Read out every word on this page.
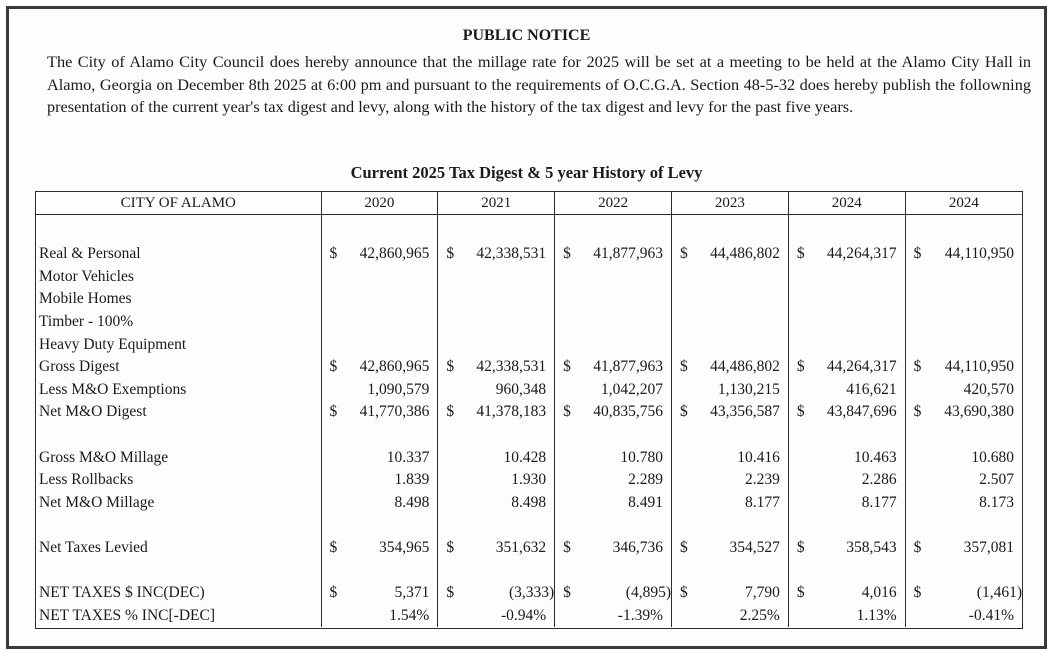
PUBLIC NOTICE
The City of Alamo City Council does hereby announce that the millage rate for 2025 will be set at a meeting to be held at the Alamo City Hall in Alamo, Georgia on December 8th 2025 at 6:00 pm and pursuant to the requirements of O.C.G.A. Section 48-5-32 does hereby publish the followning presentation of the current year's tax digest and levy, along with the history of the tax digest and levy for the past five years.
Current 2025 Tax Digest & 5 year History of Levy
CITY OF ALAMO	2020	2021	2022	2023	2024	2024

Real & Personal	$ 42,860,965	$ 42,338,531	$ 41,877,963	$ 44,486,802	$ 44,264,317	$ 44,110,950
Motor Vehicles	

Mobile Homes	

Timber - 100%	

Heavy Duty Equipment	

Gross Digest	$ 42,860,965	$ 42,338,531	$ 41,877,963	$ 44,486,802	$ 44,264,317	$ 44,110,950
Less M&O Exemptions	1,090,579	960,348	1,042,207	1,130,215	416,621	420,570
Net M&O Digest	$ 41,770,386	$ 41,378,183	$ 40,835,756	$ 43,356,587	$ 43,847,696	$ 43,690,380

Gross M&O Millage	10.337	10.428	10.780	10.416	10.463	10.680
Less Rollbacks	1.839	1.930	2.289	2.239	2.286	2.507
Net M&O Millage	8.498	8.498	8.491	8.177	8.177	8.173

Net Taxes Levied	$ 354,965	$ 351,632	$ 346,736	$ 354,527	$ 358,543	$ 357,081

NET TAXES $ INC(DEC)	$ 5,371	$ (3,333)	$ (4,895)	$ 7,790	$ 4,016	$ (1,461)
NET TAXES % INC[-DEC]	1.54%	-0.94%	-1.39%	2.25%	1.13%	-0.41%
